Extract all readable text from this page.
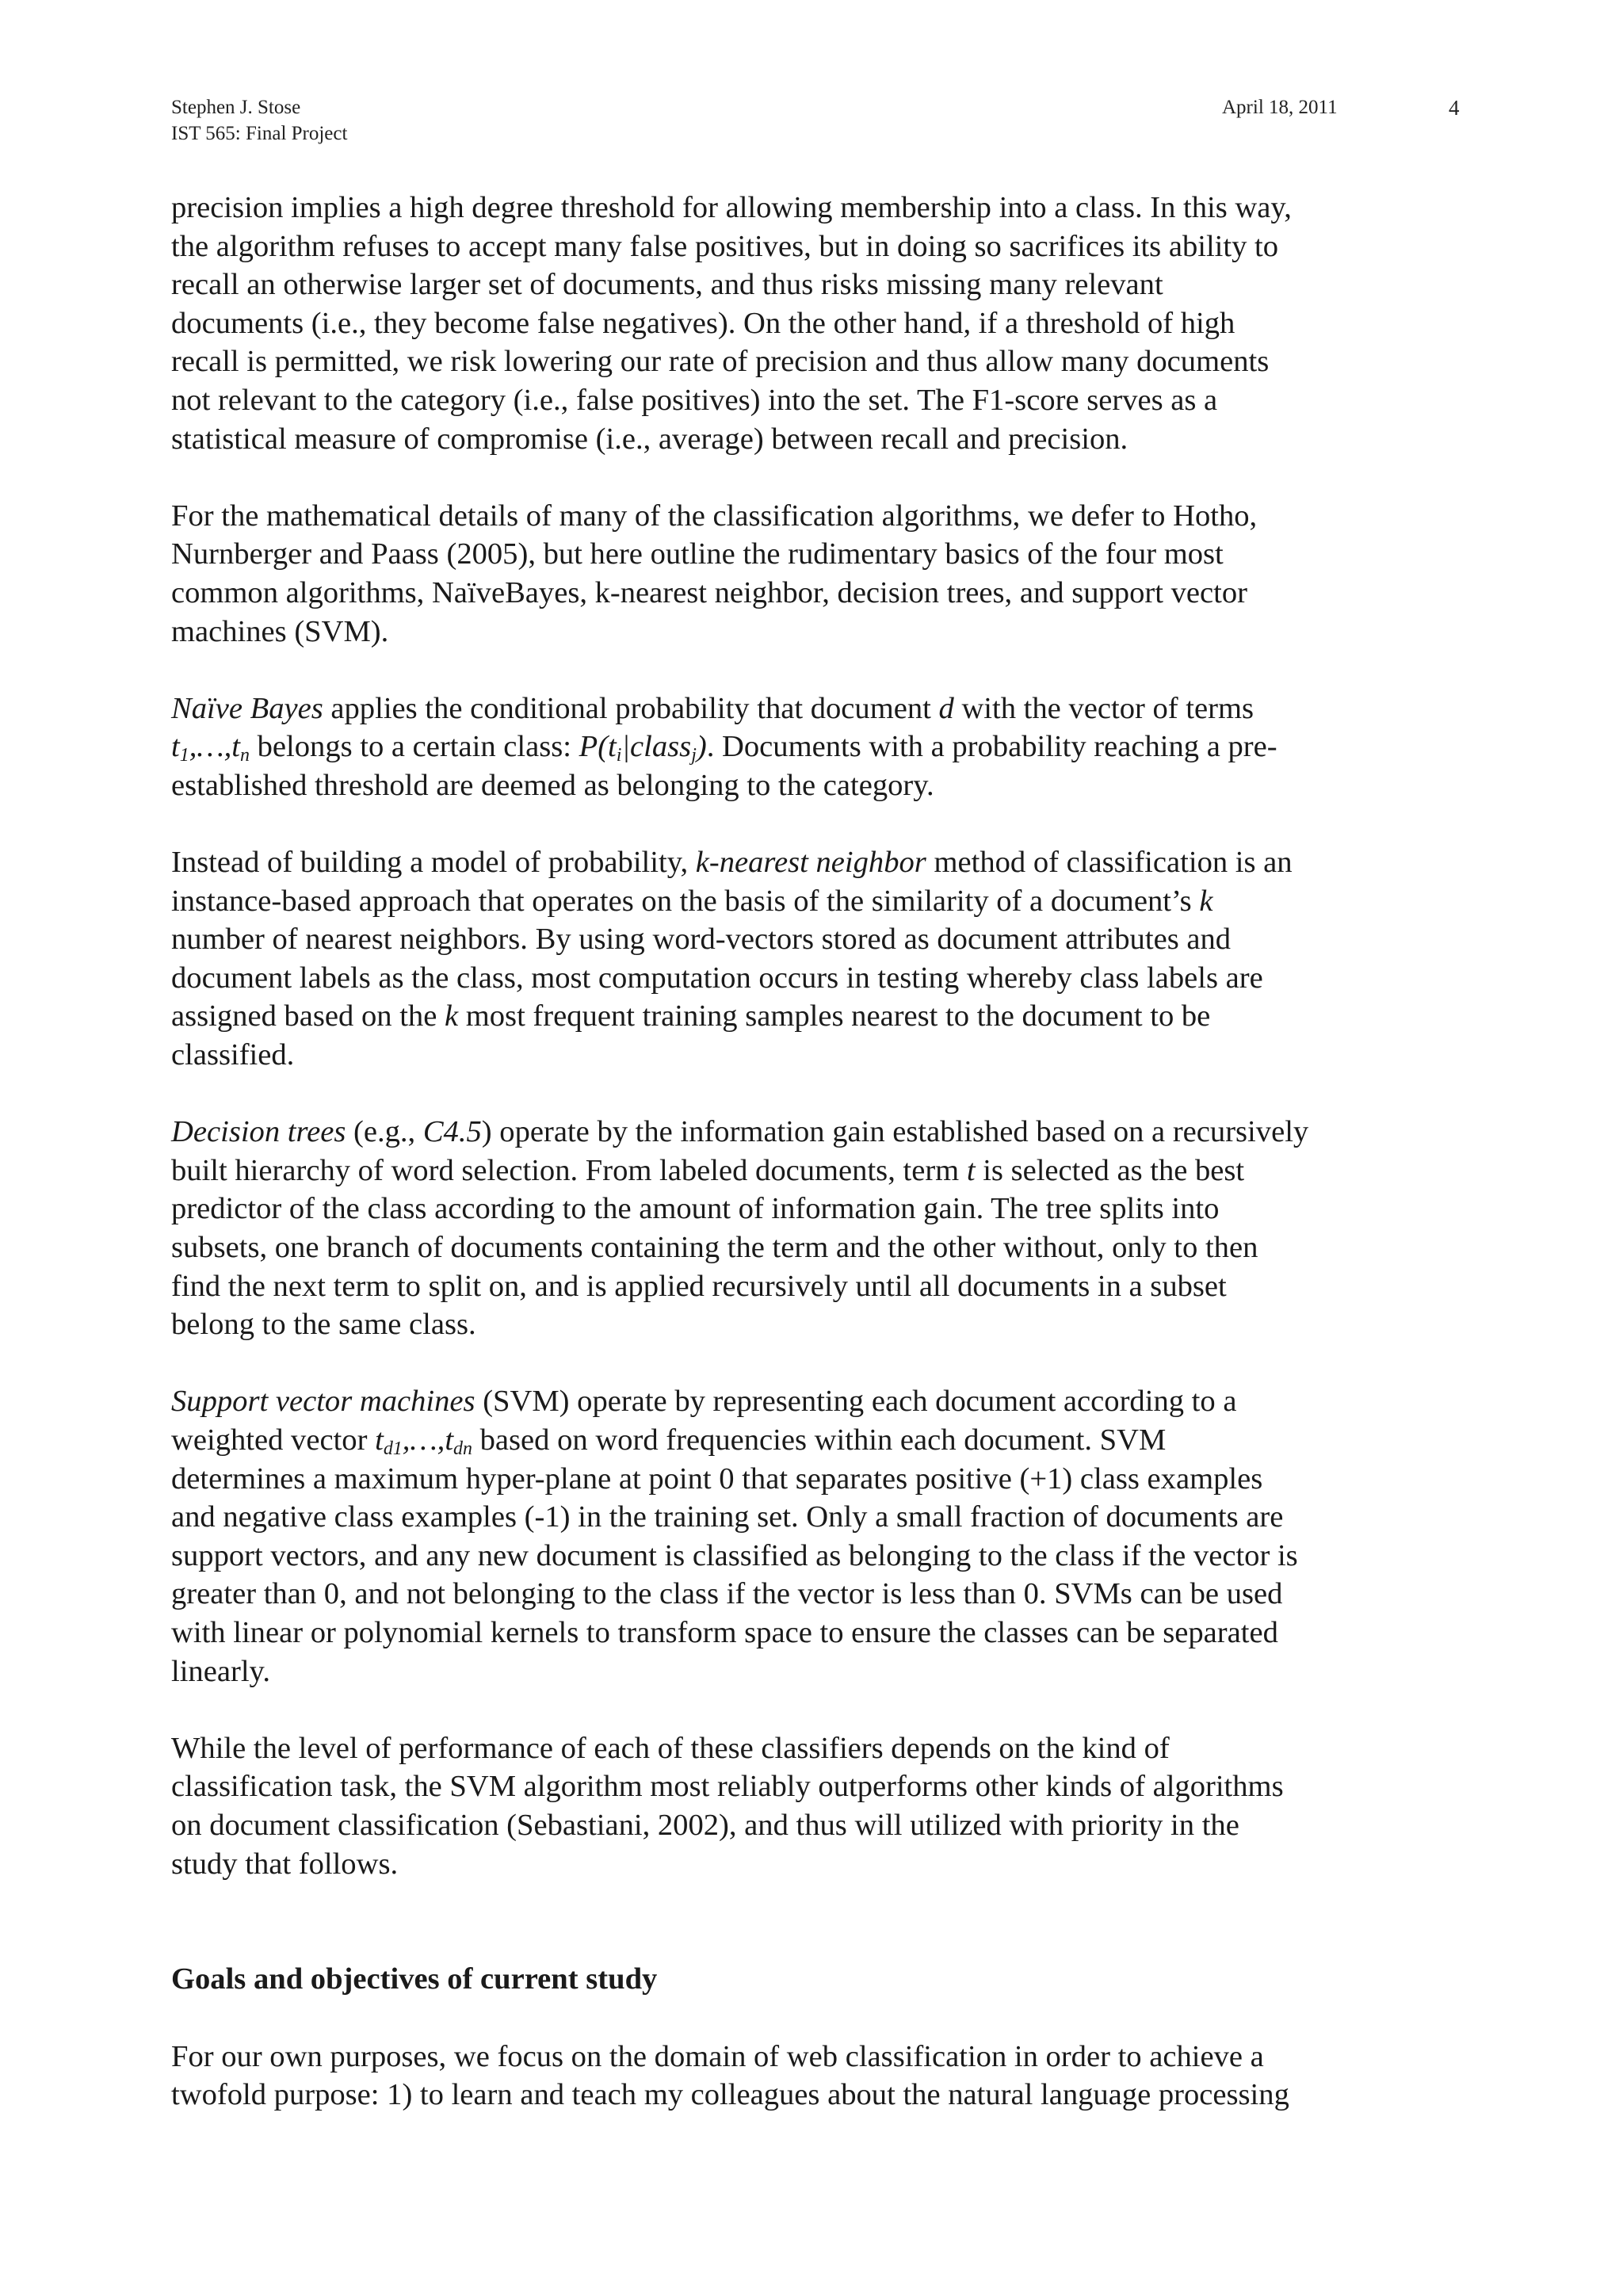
Stephen J. Stose
IST 565: Final Project
April 18, 2011	4

precision implies a high degree threshold for allowing membership into a class. In this way,
the algorithm refuses to accept many false positives, but in doing so sacrifices its ability to
recall an otherwise larger set of documents, and thus risks missing many relevant
documents (i.e., they become false negatives). On the other hand, if a threshold of high
recall is permitted, we risk lowering our rate of precision and thus allow many documents
not relevant to the category (i.e., false positives) into the set. The F1-score serves as a
statistical measure of compromise (i.e., average) between recall and precision.

For the mathematical details of many of the classification algorithms, we defer to Hotho,
Nurnberger and Paass (2005), but here outline the rudimentary basics of the four most
common algorithms, NaïveBayes, k-nearest neighbor, decision trees, and support vector
machines (SVM).

Naïve Bayes applies the conditional probability that document d with the vector of terms
$t_1,\dots,t_n$ belongs to a certain class: $P(t_i|class_j)$. Documents with a probability reaching a pre-
established threshold are deemed as belonging to the category.

Instead of building a model of probability, k-nearest neighbor method of classification is an
instance-based approach that operates on the basis of the similarity of a document’s k
number of nearest neighbors. By using word-vectors stored as document attributes and
document labels as the class, most computation occurs in testing whereby class labels are
assigned based on the k most frequent training samples nearest to the document to be
classified.

Decision trees (e.g., C4.5) operate by the information gain established based on a recursively
built hierarchy of word selection. From labeled documents, term t is selected as the best
predictor of the class according to the amount of information gain. The tree splits into
subsets, one branch of documents containing the term and the other without, only to then
find the next term to split on, and is applied recursively until all documents in a subset
belong to the same class.

Support vector machines (SVM) operate by representing each document according to a
weighted vector $t_{d1},\dots,t_{dn}$ based on word frequencies within each document. SVM
determines a maximum hyper-plane at point 0 that separates positive (+1) class examples
and negative class examples (-1) in the training set. Only a small fraction of documents are
support vectors, and any new document is classified as belonging to the class if the vector is
greater than 0, and not belonging to the class if the vector is less than 0. SVMs can be used
with linear or polynomial kernels to transform space to ensure the classes can be separated
linearly.

While the level of performance of each of these classifiers depends on the kind of
classification task, the SVM algorithm most reliably outperforms other kinds of algorithms
on document classification (Sebastiani, 2002), and thus will utilized with priority in the
study that follows.

Goals and objectives of current study

For our own purposes, we focus on the domain of web classification in order to achieve a
twofold purpose: 1) to learn and teach my colleagues about the natural language processing
